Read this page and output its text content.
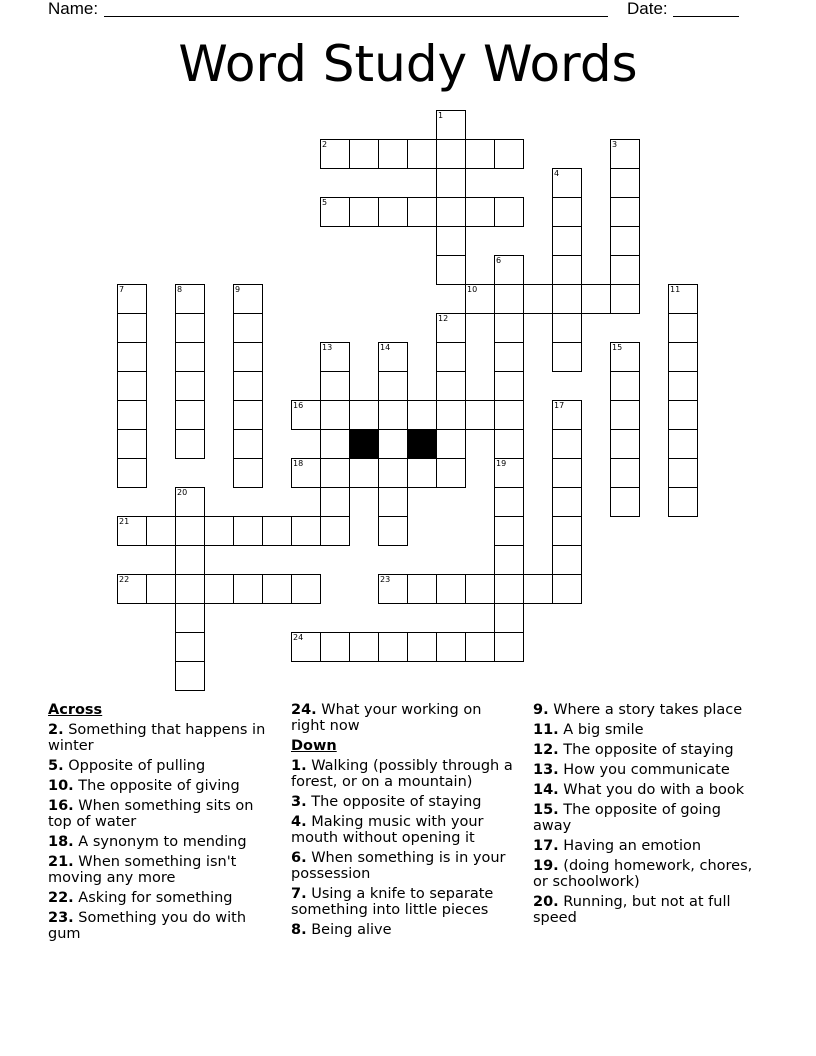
Name:	Date:
Word Study Words
1
2	3
4
5
6
7	8	9	10	11
12
13	14	15
16	17
18	19
20
21
22	23
24
Across
2. Something that happens in winter
5. Opposite of pulling
10. The opposite of giving
16. When something sits on top of water
18. A synonym to mending
21. When something isn't moving any more
22. Asking for something
23. Something you do with gum
24. What your working on right now
Down
1. Walking (possibly through a forest, or on a mountain)
3. The opposite of staying
4. Making music with your mouth without opening it
6. When something is in your possession
7. Using a knife to separate something into little pieces
8. Being alive
9. Where a story takes place
11. A big smile
12. The opposite of staying
13. How you communicate
14. What you do with a book
15. The opposite of going away
17. Having an emotion
19. (doing homework, chores, or schoolwork)
20. Running, but not at full speed
